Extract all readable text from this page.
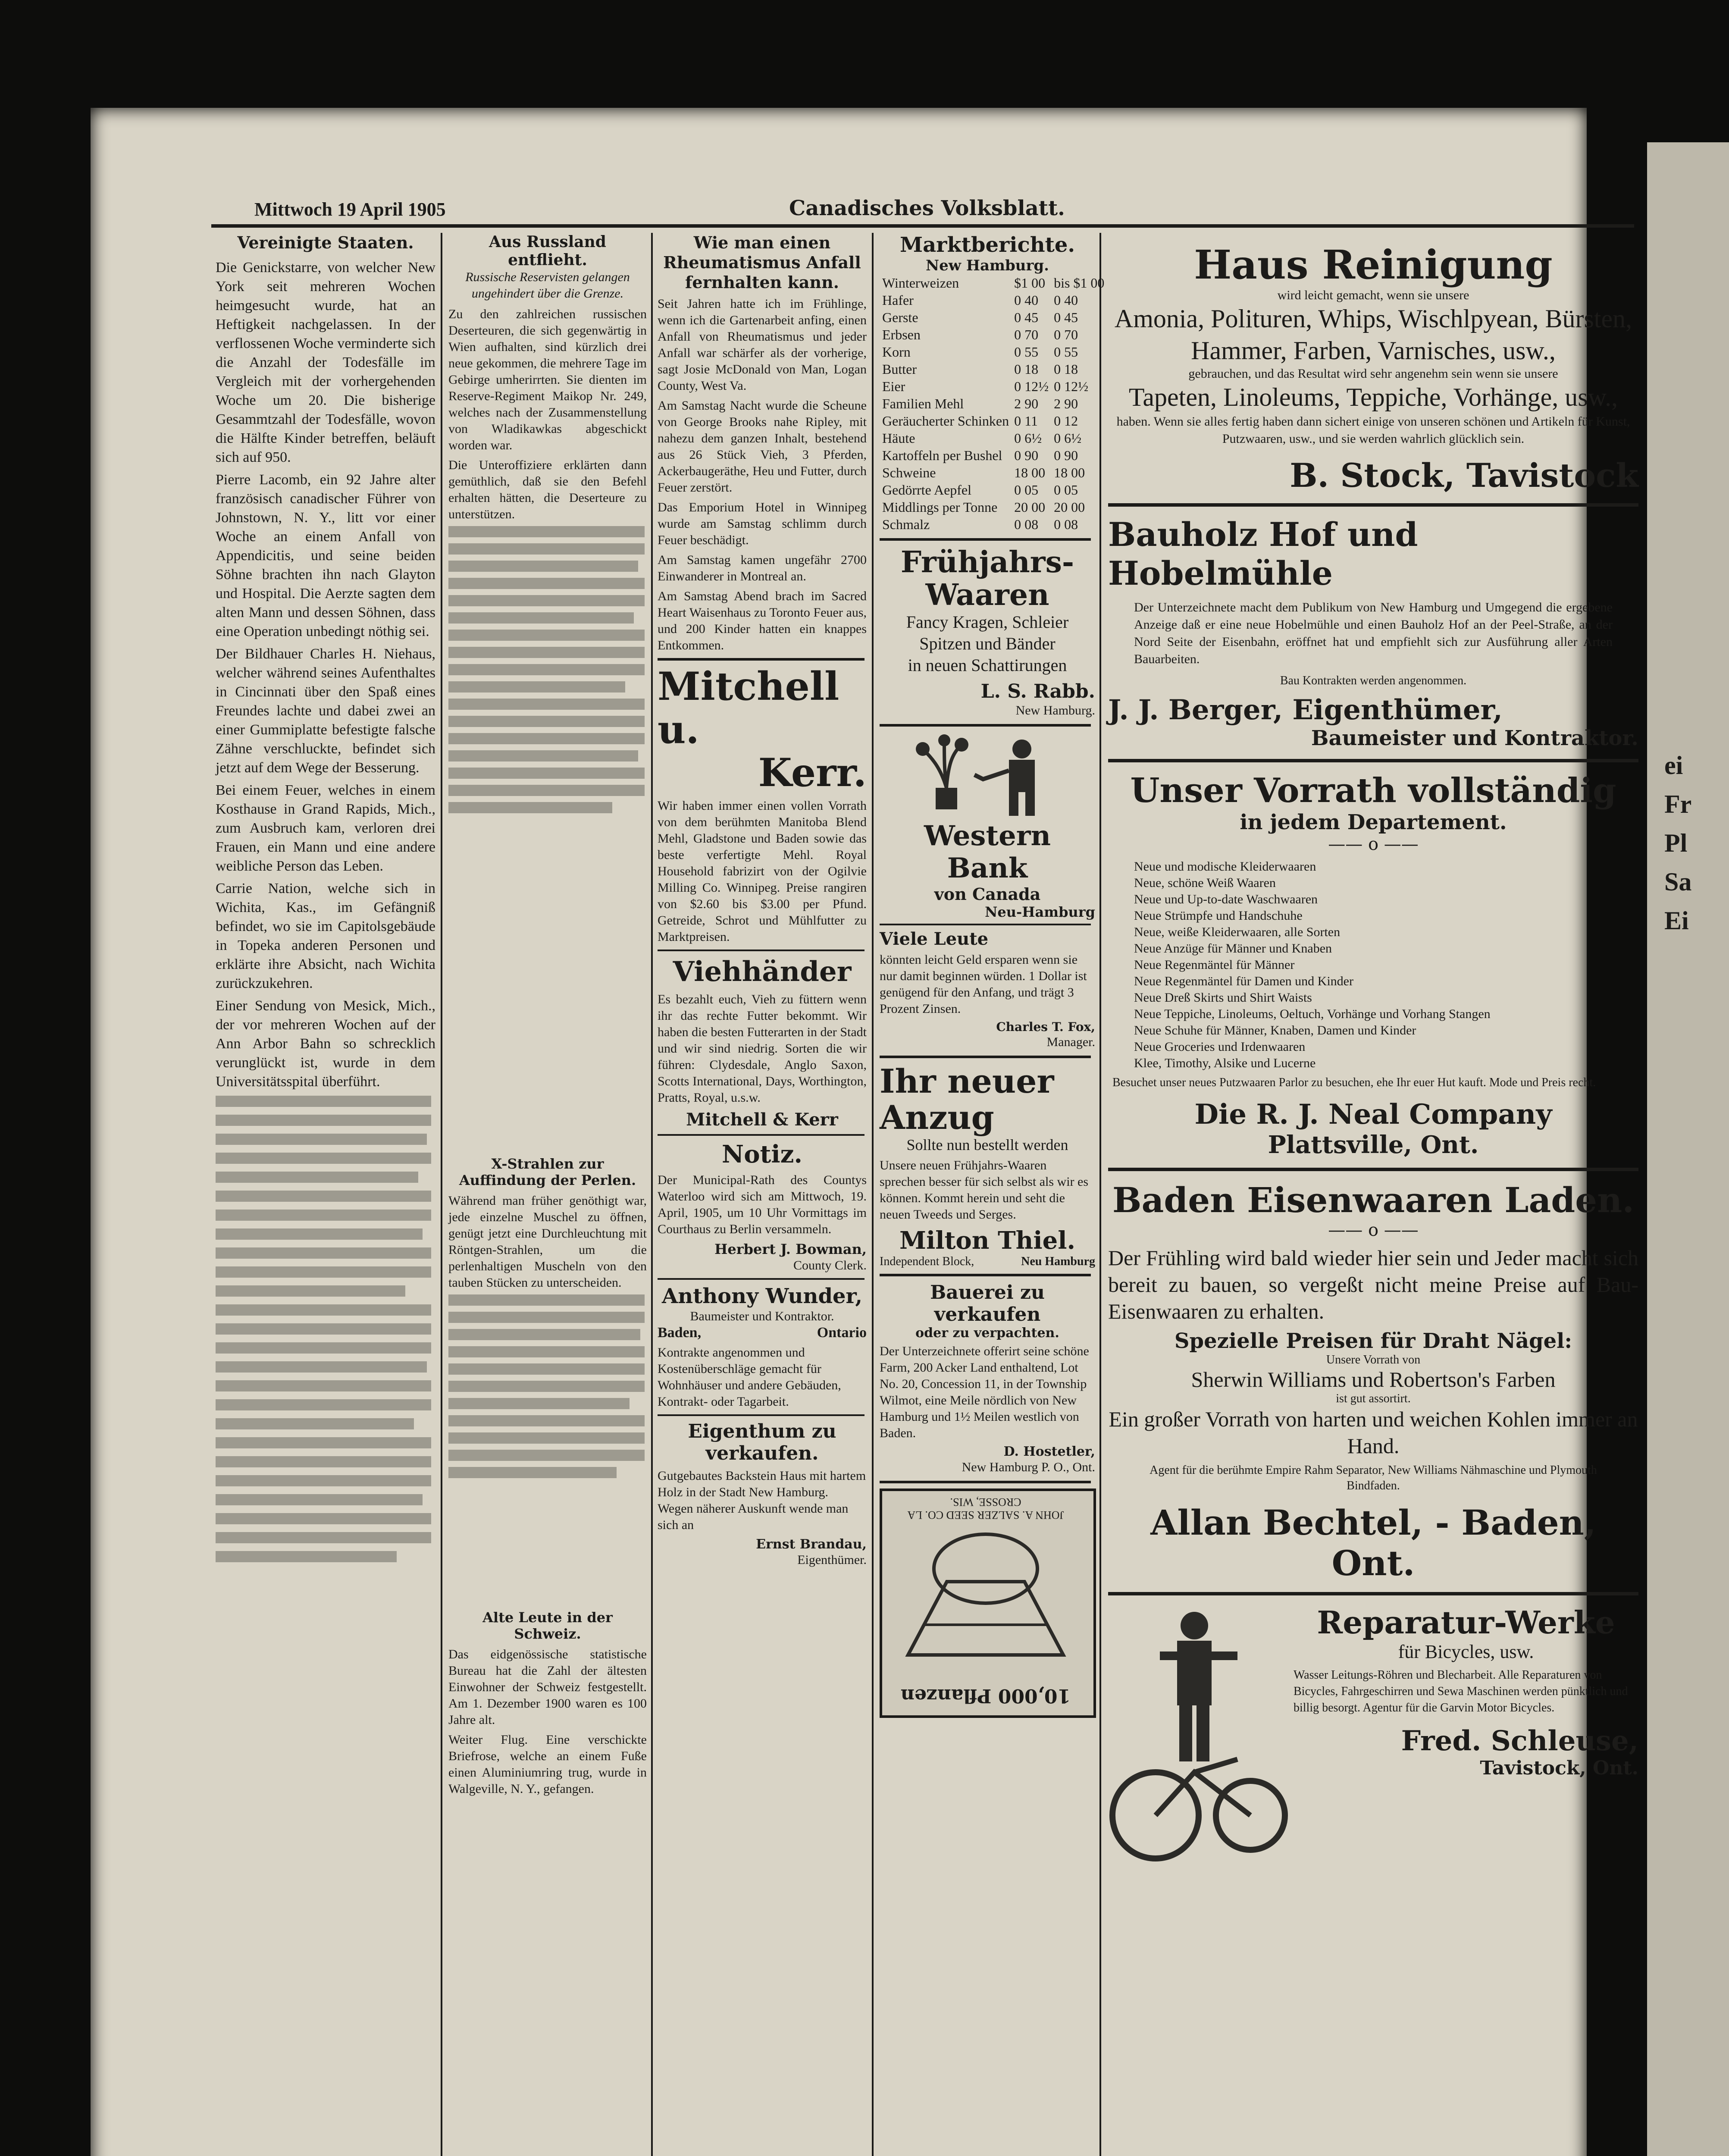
ei
Fr
Pl
Sa
Ei
Mittwoch 19 April 1905	Canadisches Volksblatt.
Vereinigte Staaten.

Die Genickstarre, von welcher New York seit mehreren Wochen heimgesucht wurde, hat an Heftigkeit nachgelassen. In der verflossenen Woche verminderte sich die Anzahl der Todesfälle im Vergleich mit der vorhergehenden Woche um 20. Die bisherige Gesammtzahl der Todesfälle, wovon die Hälfte Kinder betreffen, beläuft sich auf 950.

Pierre Lacomb, ein 92 Jahre alter französisch canadischer Führer von Johnstown, N. Y., litt vor einer Woche an einem Anfall von Appendicitis, und seine beiden Söhne brachten ihn nach Glayton und Hospital. Die Aerzte sagten dem alten Mann und dessen Söhnen, dass eine Operation unbedingt nöthig sei.

Der Bildhauer Charles H. Niehaus, welcher während seines Aufenthaltes in Cincinnati über den Spaß eines Freundes lachte und dabei zwei an einer Gummiplatte befestigte falsche Zähne verschluckte, befindet sich jetzt auf dem Wege der Besserung.

Bei einem Feuer, welches in einem Kosthause in Grand Rapids, Mich., zum Ausbruch kam, verloren drei Frauen, ein Mann und eine andere weibliche Person das Leben.

Carrie Nation, welche sich in Wichita, Kas., im Gefängniß befindet, wo sie im Capitolsgebäude in Topeka anderen Personen und erklärte ihre Absicht, nach Wichita zurückzukehren.

Einer Sendung von Mesick, Mich., der vor mehreren Wochen auf der Ann Arbor Bahn so schrecklich verunglückt ist, wurde in dem Universitätsspital überführt.

Aus Russland entflieht.
Russische Reservisten gelangen ungehindert über die Grenze.

Zu den zahlreichen russischen Deserteuren, die sich gegenwärtig in Wien aufhalten, sind kürzlich drei neue gekommen, die mehrere Tage im Gebirge umherirrten. Sie dienten im Reserve-Regiment Maikop Nr. 249, welches nach der Zusammenstellung von Wladikawkas abgeschickt worden war.

Die Unteroffiziere erklärten dann gemüthlich, daß sie den Befehl erhalten hätten, die Deserteure zu unterstützen.

X-Strahlen zur Auffindung der Perlen.

Während man früher genöthigt war, jede einzelne Muschel zu öffnen, genügt jetzt eine Durchleuchtung mit Röntgen-Strahlen, um die perlenhaltigen Muscheln von den tauben Stücken zu unterscheiden.

Alte Leute in der Schweiz.

Das eidgenössische statistische Bureau hat die Zahl der ältesten Einwohner der Schweiz festgestellt. Am 1. Dezember 1900 waren es 100 Jahre alt.

Weiter Flug. Eine verschickte Briefrose, welche an einem Fuße einen Aluminiumring trug, wurde in Walgeville, N. Y., gefangen.

Wie man einen Rheumatismus Anfall fernhalten kann.

Seit Jahren hatte ich im Frühlinge, wenn ich die Gartenarbeit anfing, einen Anfall von Rheumatismus und jeder Anfall war schärfer als der vorherige, sagt Josie McDonald von Man, Logan County, West Va.

Am Samstag Nacht wurde die Scheune von George Brooks nahe Ripley, mit nahezu dem ganzen Inhalt, bestehend aus 26 Stück Vieh, 3 Pferden, Ackerbaugeräthe, Heu und Futter, durch Feuer zerstört.

Das Emporium Hotel in Winnipeg wurde am Samstag schlimm durch Feuer beschädigt.

Am Samstag kamen ungefähr 2700 Einwanderer in Montreal an.

Am Samstag Abend brach im Sacred Heart Waisenhaus zu Toronto Feuer aus, und 200 Kinder hatten ein knappes Entkommen.

Mitchell u.
Kerr.

Wir haben immer einen vollen Vorrath von dem berühmten Manitoba Blend Mehl, Gladstone und Baden sowie das beste verfertigte Mehl. Royal Household fabrizirt von der Ogilvie Milling Co. Winnipeg. Preise rangiren von $2.60 bis $3.00 per Pfund. Getreide, Schrot und Mühlfutter zu Marktpreisen.

Viehhänder

Es bezahlt euch, Vieh zu füttern wenn ihr das rechte Futter bekommt. Wir haben die besten Futterarten in der Stadt und wir sind niedrig. Sorten die wir führen: Clydesdale, Anglo Saxon, Scotts International, Days, Worthington, Pratts, Royal, u.s.w.

Mitchell & Kerr
Notiz.

Der Municipal-Rath des Countys Waterloo wird sich am Mittwoch, 19. April, 1905, um 10 Uhr Vormittags im Courthaus zu Berlin versammeln.

Herbert J. Bowman,
County Clerk.
Anthony Wunder,
Baumeister und Kontraktor.
Baden,	Ontario

Kontrakte angenommen und Kostenüberschläge gemacht für Wohnhäuser und andere Gebäuden, Kontrakt- oder Tagarbeit.

Eigenthum zu verkaufen.

Gutgebautes Backstein Haus mit hartem Holz in der Stadt New Hamburg. Wegen näherer Auskunft wende man sich an

Ernst Brandau,
Eigenthümer.
Marktberichte.
New Hamburg.
Winterweizen	$1 00	bis $1 00
Hafer	0 40	0 40
Gerste	0 45	0 45
Erbsen	0 70	0 70
Korn	0 55	0 55
Butter	0 18	0 18
Eier	0 12½	0 12½
Familien Mehl	2 90	2 90
Geräucherter Schinken	0 11	0 12
Häute	0 6½	0 6½
Kartoffeln per Bushel	0 90	0 90
Schweine	18 00	18 00
Gedörrte Aepfel	0 05	0 05
Middlings per Tonne	20 00	20 00
Schmalz	0 08	0 08
Frühjahrs-
Waaren
Fancy Kragen, Schleier
Spitzen und Bänder
in neuen Schattirungen
L. S. Rabb.
New Hamburg.
Western Bank
von Canada
Neu-Hamburg
Viele Leute

könnten leicht Geld ersparen wenn sie nur damit beginnen würden. 1 Dollar ist genügend für den Anfang, und trägt 3 Prozent Zinsen.

Charles T. Fox,
Manager.
Ihr neuer
Anzug
Sollte nun bestellt werden

Unsere neuen Frühjahrs-Waaren sprechen besser für sich selbst als wir es können. Kommt herein und seht die neuen Tweeds und Serges.

Milton Thiel.
Independent Block,	Neu Hamburg
Bauerei zu verkaufen
oder zu verpachten.

Der Unterzeichnete offerirt seine schöne Farm, 200 Acker Land enthaltend, Lot No. 20, Concession 11, in der Township Wilmot, eine Meile nördlich von New Hamburg und 1½ Meilen westlich von Baden.

D. Hostetler,
New Hamburg P. O., Ont.
JOHN A. SALZER SEED CO. LA CROSSE, WIS.
10,000 Pflanzen
Haus Reinigung
wird leicht gemacht, wenn sie unsere
Amonia, Polituren, Whips, Wischlpyean, Bürsten, Hammer, Farben, Varnisches, usw.,
gebrauchen, und das Resultat wird sehr angenehm sein wenn sie unsere
Tapeten, Linoleums, Teppiche, Vorhänge, usw.,
haben. Wenn sie alles fertig haben dann sichert einige von unseren schönen und Artikeln für Kunst, Putzwaaren, usw., und sie werden wahrlich glücklich sein.
B. Stock, Tavistock
Bauholz Hof und
Hobelmühle

Der Unterzeichnete macht dem Publikum von New Hamburg und Umgegend die ergebene Anzeige daß er eine neue Hobelmühle und einen Bauholz Hof an der Peel-Straße, an der Nord Seite der Eisenbahn, eröffnet hat und empfiehlt sich zur Ausführung aller Arten Bauarbeiten.

Bau Kontrakten werden angenommen.
J. J. Berger, Eigenthümer,
Baumeister und Kontraktor.
Unser Vorrath vollständig
in jedem Departement.
—— o ——
Neue und modische Kleiderwaaren
Neue, schöne Weiß Waaren
Neue und Up-to-date Waschwaaren
Neue Strümpfe und Handschuhe
Neue, weiße Kleiderwaaren, alle Sorten
Neue Anzüge für Männer und Knaben
Neue Regenmäntel für Männer
Neue Regenmäntel für Damen und Kinder
Neue Dreß Skirts und Shirt Waists
Neue Teppiche, Linoleums, Oeltuch, Vorhänge und Vorhang Stangen
Neue Schuhe für Männer, Knaben, Damen und Kinder
Neue Groceries und Irdenwaaren
Klee, Timothy, Alsike und Lucerne
Besuchet unser neues Putzwaaren Parlor zu besuchen, ehe Ihr euer Hut kauft. Mode und Preis recht.
Die R. J. Neal Company
Plattsville, Ont.
Baden Eisenwaaren Laden.
—— o ——

Der Frühling wird bald wieder hier sein und Jeder macht sich bereit zu bauen, so vergeßt nicht meine Preise auf Bau-Eisenwaaren zu erhalten.

Spezielle Preisen für Draht Nägel:
Unsere Vorrath von
Sherwin Williams und Robertson's Farben
ist gut assortirt.
Ein großer Vorrath von harten und weichen Kohlen immer an Hand.
Agent für die berühmte Empire Rahm Separator, New Williams Nähmaschine und Plymouth Bindfaden.
Allan Bechtel, - Baden, Ont.
Reparatur-Werke
für Bicycles, usw.

Wasser Leitungs-Röhren und Blecharbeit. Alle Reparaturen von Bicycles, Fahrgeschirren und Sewa Maschinen werden pünktlich und billig besorgt. Agentur für die Garvin Motor Bicycles.

Fred. Schleuse,
Tavistock, Ont.
